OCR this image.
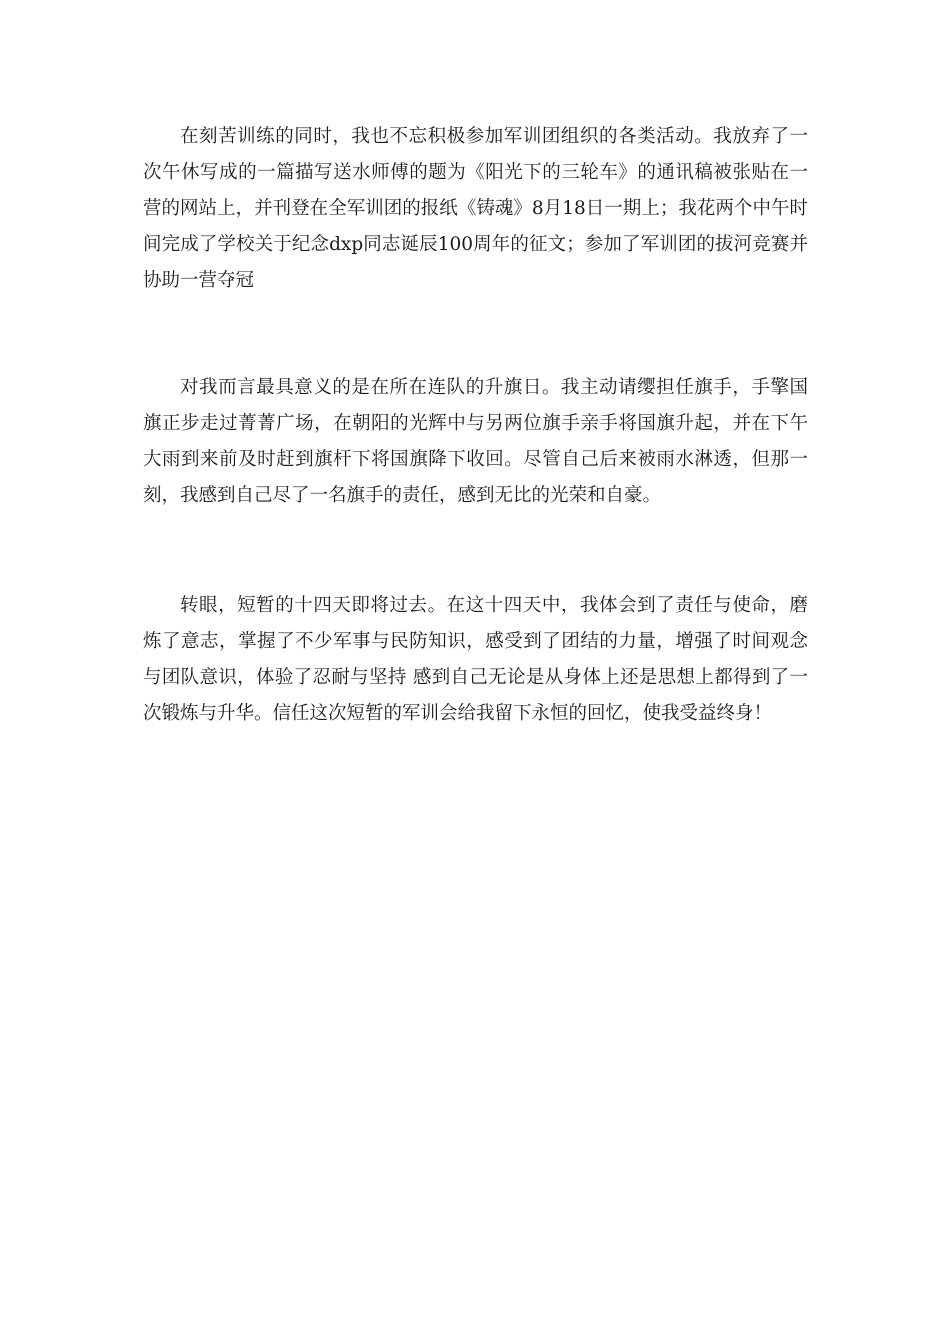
在刻苦训练的同时，我也不忘积极参加军训团组织的各类活动。我放弃了一次午休写成的一篇描写送水师傅的题为《阳光下的三轮车》的通讯稿被张贴在一营的网站上，并刊登在全军训团的报纸《铸魂》8月18日一期上；我花两个中午时间完成了学校关于纪念dxp同志诞辰100周年的征文；参加了军训团的拔河竞赛并协助一营夺冠

对我而言最具意义的是在所在连队的升旗日。我主动请缨担任旗手，手擎国旗正步走过菁菁广场，在朝阳的光辉中与另两位旗手亲手将国旗升起，并在下午大雨到来前及时赶到旗杆下将国旗降下收回。尽管自己后来被雨水淋透，但那一刻，我感到自己尽了一名旗手的责任，感到无比的光荣和自豪。

转眼，短暂的十四天即将过去。在这十四天中，我体会到了责任与使命，磨炼了意志，掌握了不少军事与民防知识，感受到了团结的力量，增强了时间观念与团队意识，体验了忍耐与坚持 感到自己无论是从身体上还是思想上都得到了一次锻炼与升华。信任这次短暂的军训会给我留下永恒的回忆，使我受益终身！
